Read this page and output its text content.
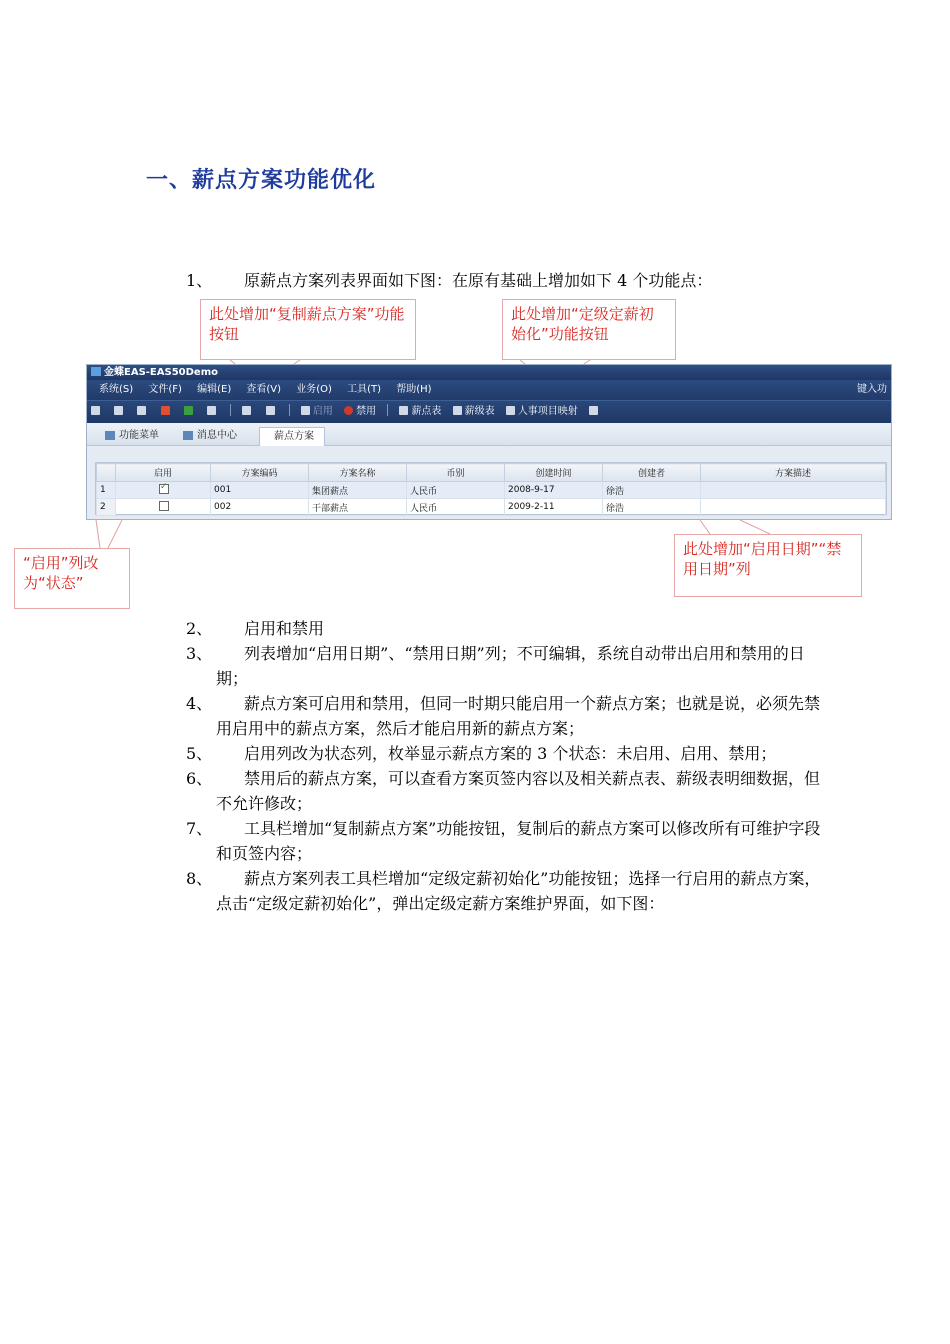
一、薪点方案功能优化
1、 原薪点方案列表界面如下图：在原有基础上增加如下 4 个功能点：
此处增加“复制薪点方案”功能按钮
此处增加“定级定薪初始化”功能按钮
“启用”列改为“状态”
此处增加“启用日期”“禁用日期”列
金蝶EAS-EAS50Demo
系统(S) 文件(F) 编辑(E) 查看(V) 业务(O) 工具(T) 帮助(H)	键入功
启用 禁用	薪点表 薪级表 人事项目映射
功能菜单	消息中心	薪点方案
	启用	方案编码	方案名称	币别	创建时间	创建者	方案描述
1	✓	001	集团薪点	人民币	2008-9-17	徐浩	
2		002	干部薪点	人民币	2009-2-11	徐浩	
2、 启用和禁用
3、 列表增加“启用日期”、“禁用日期”列；不可编辑，系统自动带出启用和禁用的日期；
4、 薪点方案可启用和禁用，但同一时期只能启用一个薪点方案；也就是说，必须先禁用启用中的薪点方案，然后才能启用新的薪点方案；
5、 启用列改为状态列，枚举显示薪点方案的 3 个状态：未启用、启用、禁用；
6、 禁用后的薪点方案，可以查看方案页签内容以及相关薪点表、薪级表明细数据，但不允许修改；
7、 工具栏增加“复制薪点方案”功能按钮，复制后的薪点方案可以修改所有可维护字段和页签内容；
8、 薪点方案列表工具栏增加“定级定薪初始化”功能按钮；选择一行启用的薪点方案，点击“定级定薪初始化”，弹出定级定薪方案维护界面，如下图：
